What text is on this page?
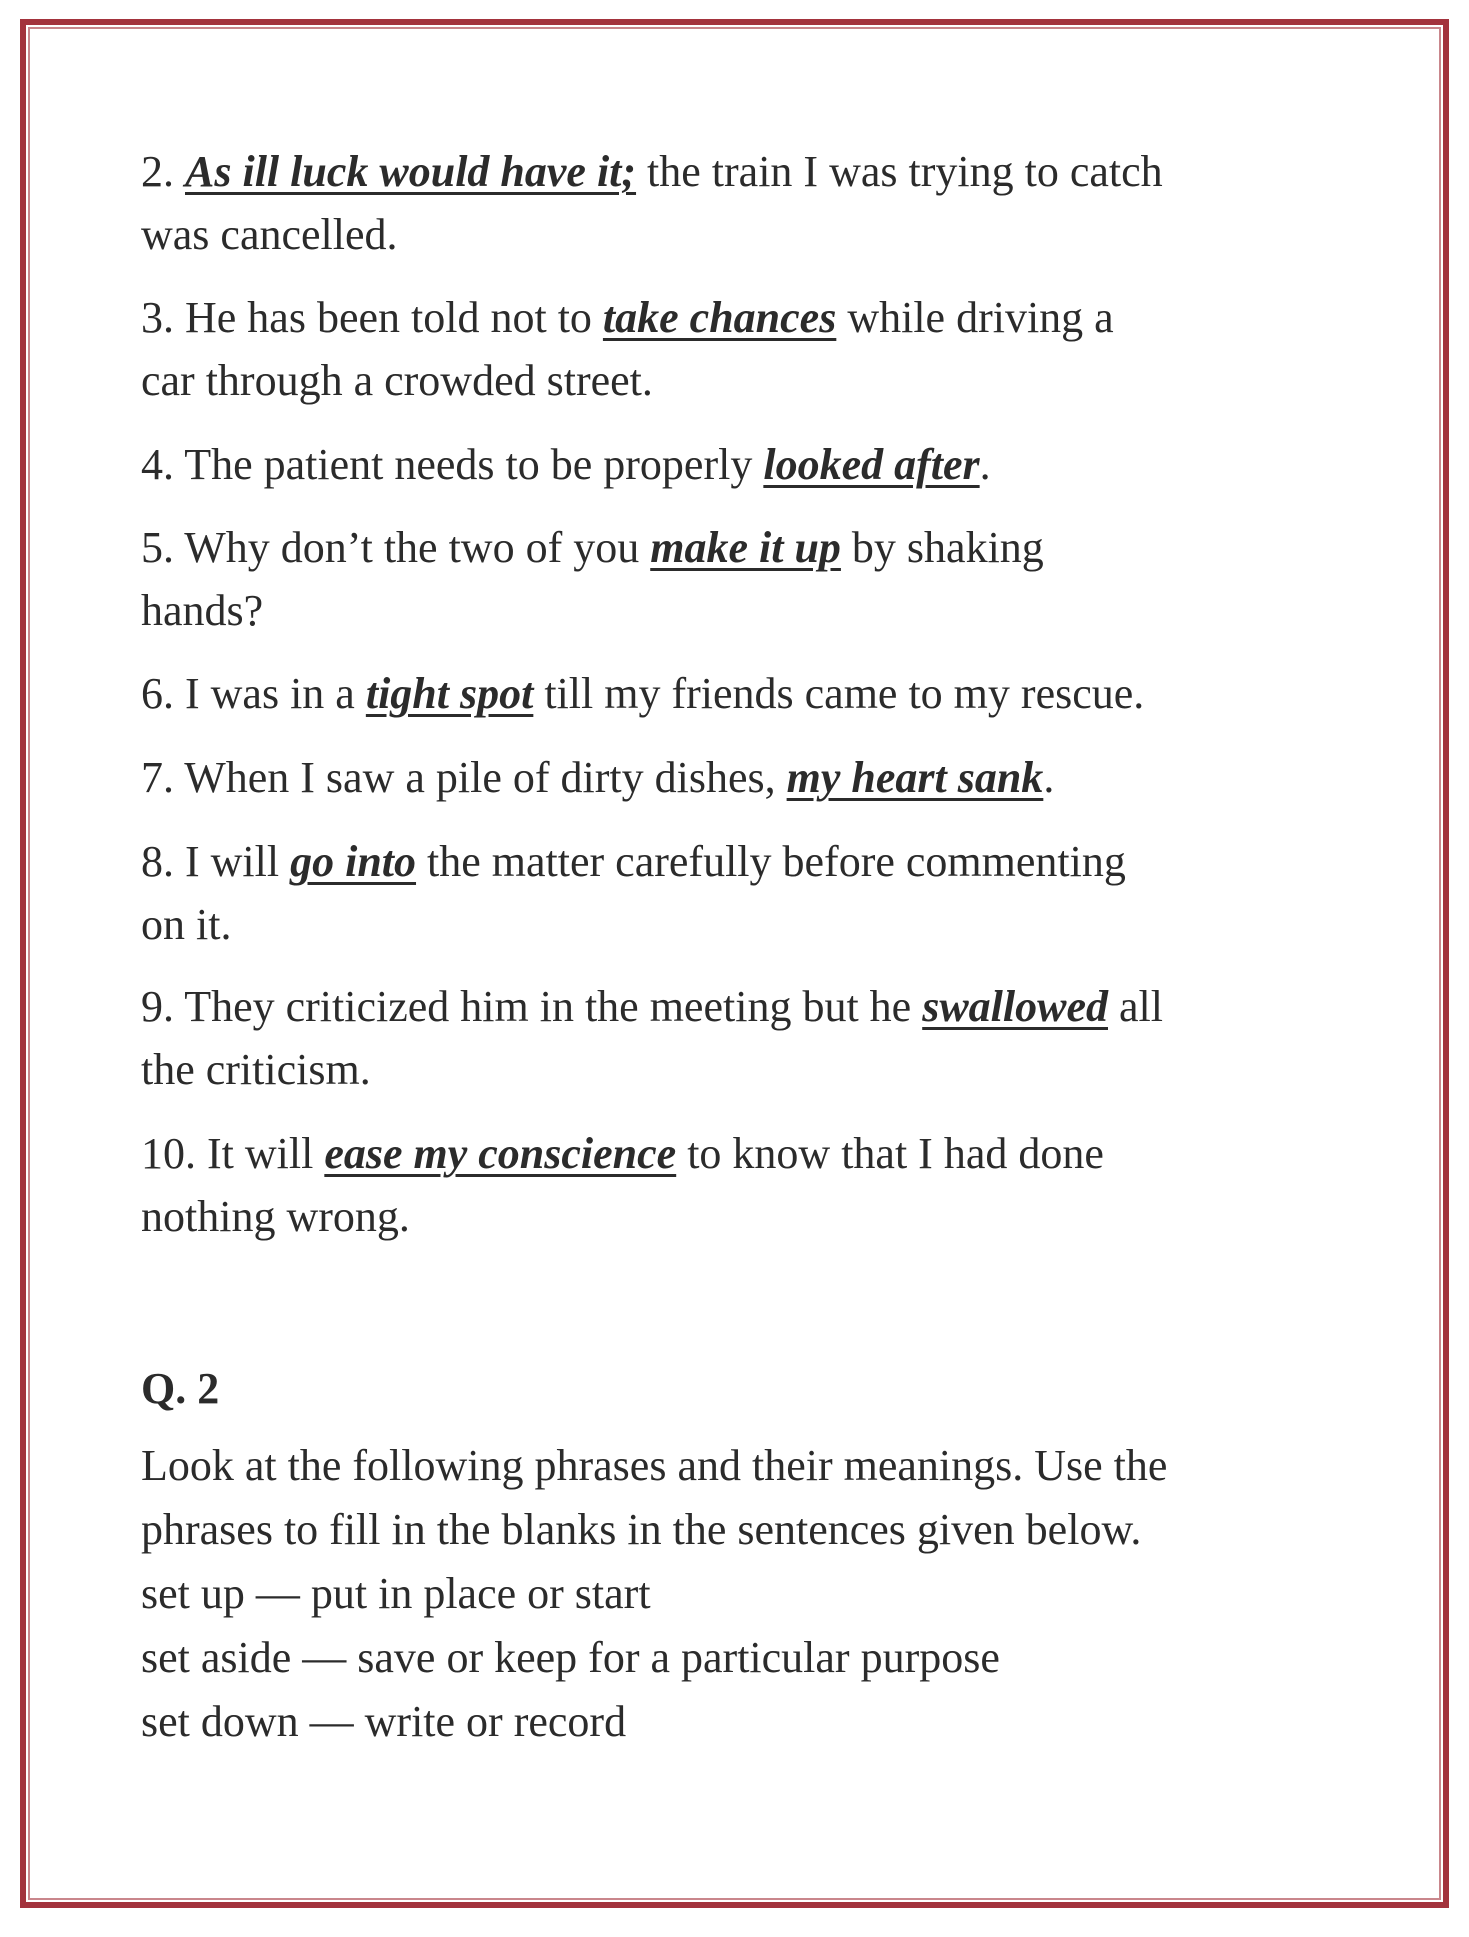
2. As ill luck would have it; the train I was trying to catch
was cancelled.
3. He has been told not to take chances while driving a
car through a crowded street.
4. The patient needs to be properly looked after.
5. Why don’t the two of you make it up by shaking
hands?
6. I was in a tight spot till my friends came to my rescue.
7. When I saw a pile of dirty dishes, my heart sank.
8. I will go into the matter carefully before commenting
on it.
9. They criticized him in the meeting but he swallowed all
the criticism.
10. It will ease my conscience to know that I had done
nothing wrong.
Q. 2
Look at the following phrases and their meanings. Use the
phrases to fill in the blanks in the sentences given below.
set up — put in place or start
set aside — save or keep for a particular purpose
set down — write or record
